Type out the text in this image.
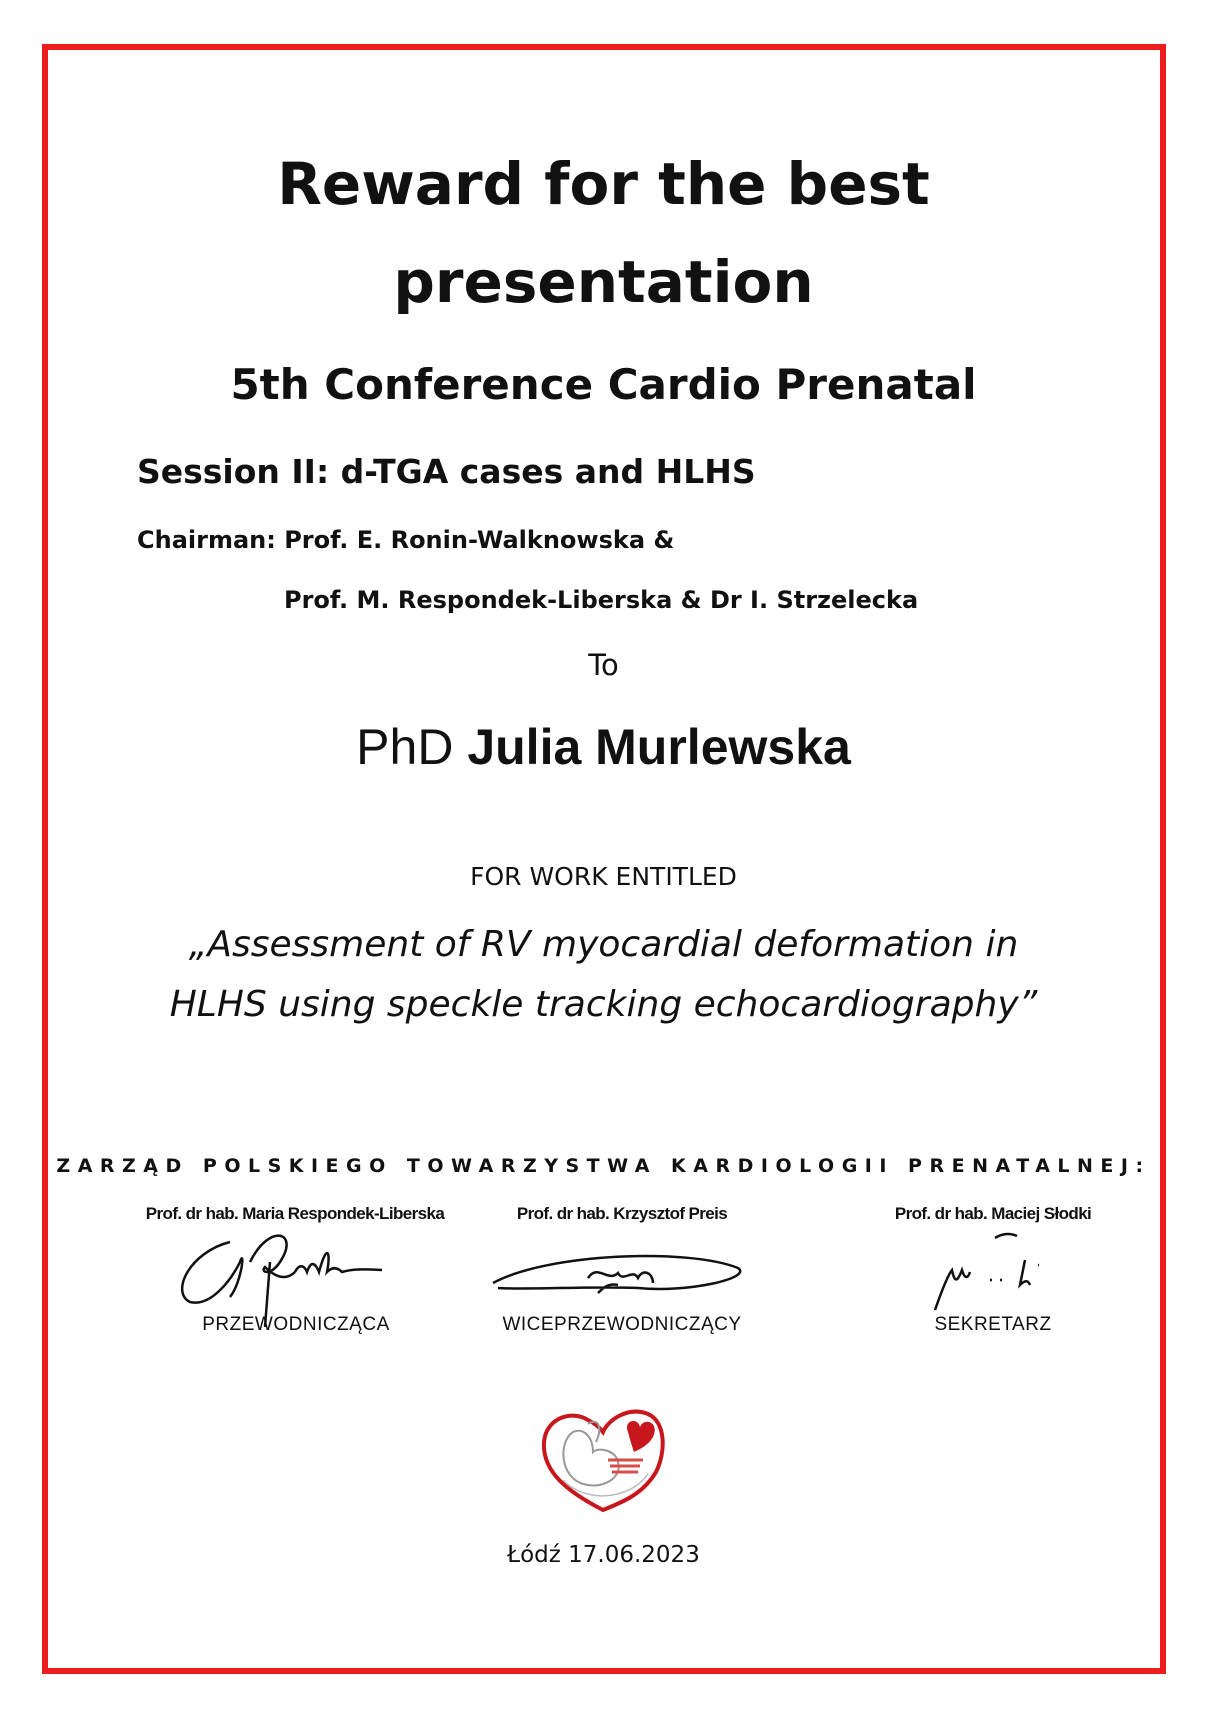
Reward for the best
presentation
5th Conference Cardio Prenatal
Session II: d-TGA cases and HLHS
Chairman: Prof. E. Ronin-Walknowska &
Prof. M. Respondek-Liberska & Dr I. Strzelecka
To
PhD Julia Murlewska
FOR WORK ENTITLED
„Assessment of RV myocardial deformation in
HLHS using speckle tracking echocardiography”
ZARZĄD POLSKIEGO TOWARZYSTWA KARDIOLOGII PRENATALNEJ:
Prof. dr hab. Maria Respondek-Liberska	Prof. dr hab. Krzysztof Preis	Prof. dr hab. Maciej Słodki
PRZEWODNICZĄCA	WICEPRZEWODNICZĄCY	SEKRETARZ
Łódź 17.06.2023
